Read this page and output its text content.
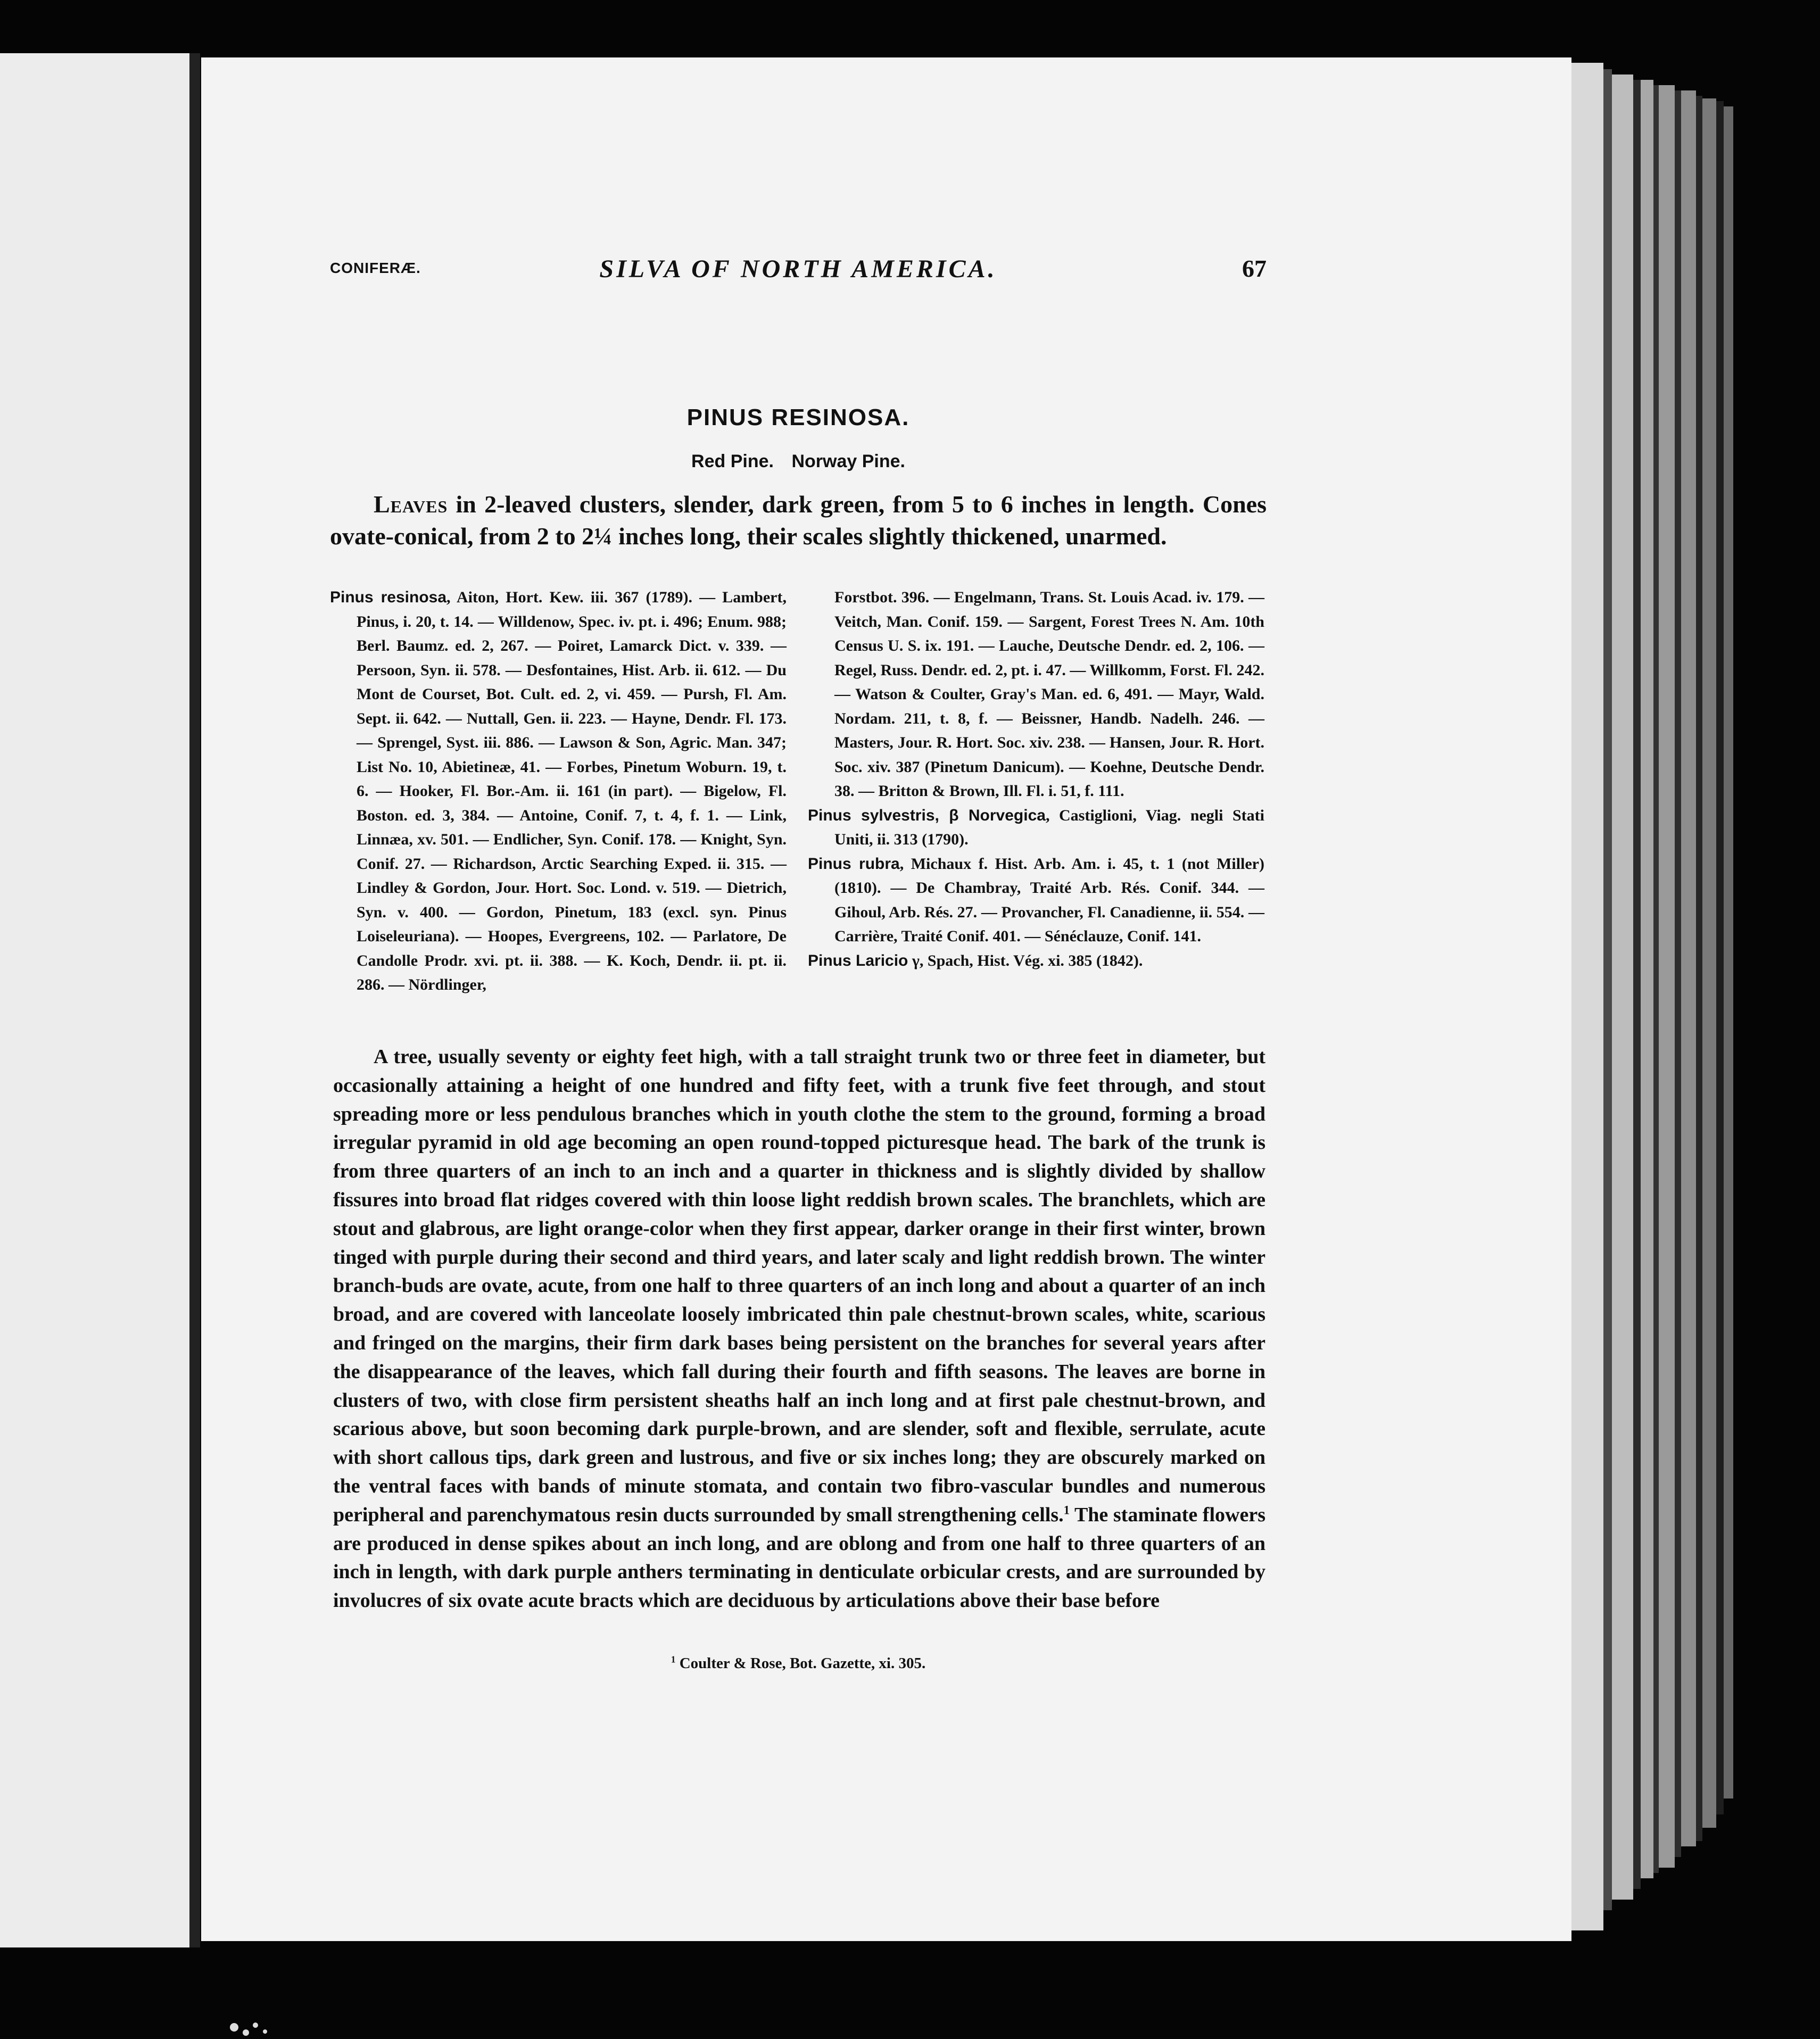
CONIFERÆ.	SILVA OF NORTH AMERICA.	67
PINUS RESINOSA.
Red Pine. Norway Pine.
Leaves in 2-leaved clusters, slender, dark green, from 5 to 6 inches in length. Cones ovate-conical, from 2 to 2¼ inches long, their scales slightly thickened, unarmed.

Pinus resinosa, Aiton, Hort. Kew. iii. 367 (1789). — Lambert, Pinus, i. 20, t. 14. — Willdenow, Spec. iv. pt. i. 496; Enum. 988; Berl. Baumz. ed. 2, 267. — Poiret, Lamarck Dict. v. 339. — Persoon, Syn. ii. 578. — Desfontaines, Hist. Arb. ii. 612. — Du Mont de Courset, Bot. Cult. ed. 2, vi. 459. — Pursh, Fl. Am. Sept. ii. 642. — Nuttall, Gen. ii. 223. — Hayne, Dendr. Fl. 173. — Sprengel, Syst. iii. 886. — Lawson & Son, Agric. Man. 347; List No. 10, Abietineæ, 41. — Forbes, Pinetum Woburn. 19, t. 6. — Hooker, Fl. Bor.-Am. ii. 161 (in part). — Bigelow, Fl. Boston. ed. 3, 384. — Antoine, Conif. 7, t. 4, f. 1. — Link, Linnæa, xv. 501. — Endlicher, Syn. Conif. 178. — Knight, Syn. Conif. 27. — Richardson, Arctic Searching Exped. ii. 315. — Lindley & Gordon, Jour. Hort. Soc. Lond. v. 519. — Dietrich, Syn. v. 400. — Gordon, Pinetum, 183 (excl. syn. Pinus Loiseleuriana). — Hoopes, Evergreens, 102. — Parlatore, De Candolle Prodr. xvi. pt. ii. 388. — K. Koch, Dendr. ii. pt. ii. 286. — Nördlinger,

Forstbot. 396. — Engelmann, Trans. St. Louis Acad. iv. 179. — Veitch, Man. Conif. 159. — Sargent, Forest Trees N. Am. 10th Census U. S. ix. 191. — Lauche, Deutsche Dendr. ed. 2, 106. — Regel, Russ. Dendr. ed. 2, pt. i. 47. — Willkomm, Forst. Fl. 242. — Watson & Coulter, Gray's Man. ed. 6, 491. — Mayr, Wald. Nordam. 211, t. 8, f. — Beissner, Handb. Nadelh. 246. — Masters, Jour. R. Hort. Soc. xiv. 238. — Hansen, Jour. R. Hort. Soc. xiv. 387 (Pinetum Danicum). — Koehne, Deutsche Dendr. 38. — Britton & Brown, Ill. Fl. i. 51, f. 111.

Pinus sylvestris, β Norvegica, Castiglioni, Viag. negli Stati Uniti, ii. 313 (1790).

Pinus rubra, Michaux f. Hist. Arb. Am. i. 45, t. 1 (not Miller) (1810). — De Chambray, Traité Arb. Rés. Conif. 344. — Gihoul, Arb. Rés. 27. — Provancher, Fl. Canadienne, ii. 554. — Carrière, Traité Conif. 401. — Sénéclauze, Conif. 141.

Pinus Laricio γ, Spach, Hist. Vég. xi. 385 (1842).

A tree, usually seventy or eighty feet high, with a tall straight trunk two or three feet in diameter, but occasionally attaining a height of one hundred and fifty feet, with a trunk five feet through, and stout spreading more or less pendulous branches which in youth clothe the stem to the ground, forming a broad irregular pyramid in old age becoming an open round-topped picturesque head. The bark of the trunk is from three quarters of an inch to an inch and a quarter in thickness and is slightly divided by shallow fissures into broad flat ridges covered with thin loose light reddish brown scales. The branchlets, which are stout and glabrous, are light orange-color when they first appear, darker orange in their first winter, brown tinged with purple during their second and third years, and later scaly and light reddish brown. The winter branch-buds are ovate, acute, from one half to three quarters of an inch long and about a quarter of an inch broad, and are covered with lanceolate loosely imbricated thin pale chestnut-brown scales, white, scarious and fringed on the margins, their firm dark bases being persistent on the branches for several years after the disappearance of the leaves, which fall during their fourth and fifth seasons. The leaves are borne in clusters of two, with close firm persistent sheaths half an inch long and at first pale chestnut-brown, and scarious above, but soon becoming dark purple-brown, and are slender, soft and flexible, serrulate, acute with short callous tips, dark green and lustrous, and five or six inches long; they are obscurely marked on the ventral faces with bands of minute stomata, and contain two fibro-vascular bundles and numerous peripheral and parenchymatous resin ducts surrounded by small strengthening cells.$^1$ The staminate flowers are produced in dense spikes about an inch long, and are oblong and from one half to three quarters of an inch in length, with dark purple anthers terminating in denticulate orbicular crests, and are surrounded by involucres of six ovate acute bracts which are deciduous by articulations above their base before

$^1$ Coulter & Rose, Bot. Gazette, xi. 305.
